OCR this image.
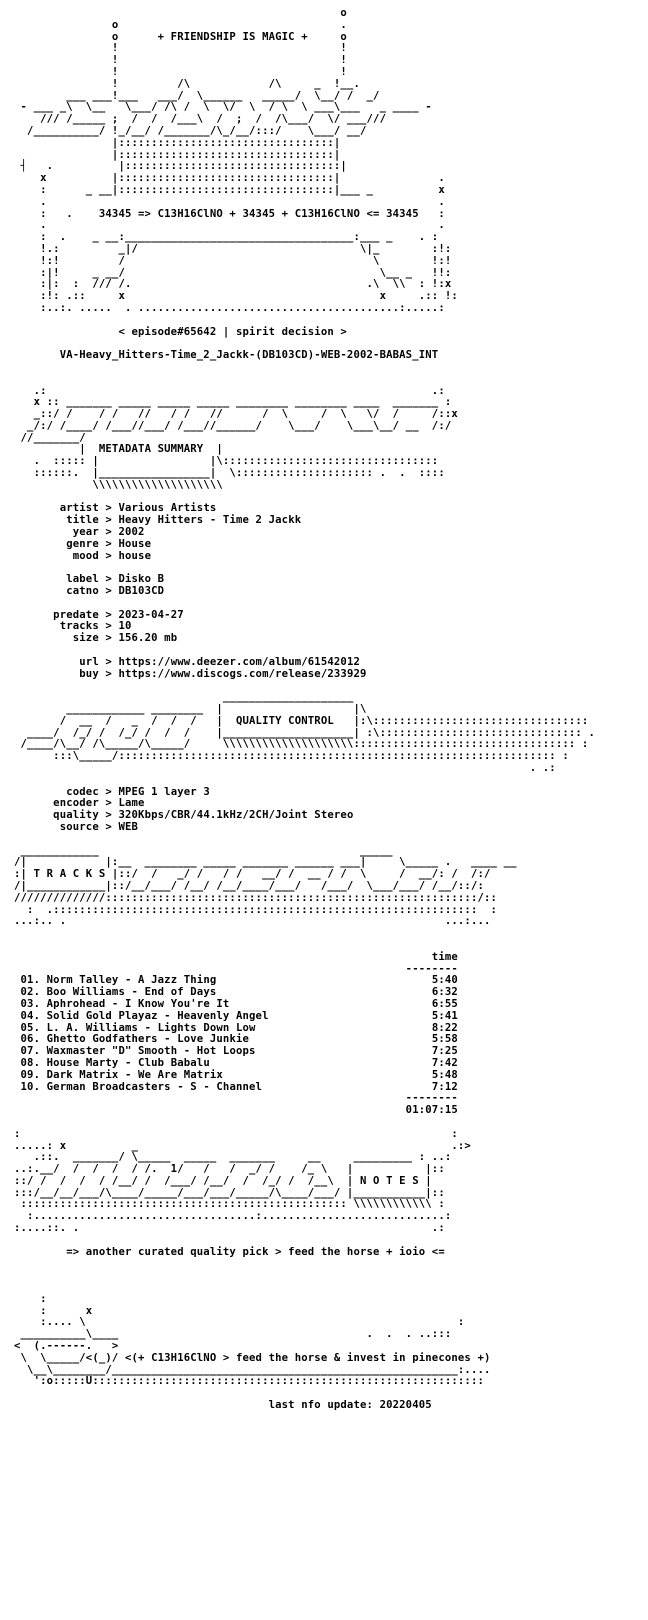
o
o                                  .
o      + FRIENDSHIP IS MAGIC +     o
!                                  !
!                                  !
!                                  !
!         /\            /\     _  !__.
___ ___!___   ___/  \______   _____/  \__/ /  _/
- ___ _\  \__   \___/ /\ /  \  \/  \  / \  \ ___\___   _ ____ -
/// /_____ ;  /  /  /___\  /  ;  /  /\___/  \/ ___///
/__________/ !_/__/ /_______/\_/__/:::/    \___/ __/
|:::::::::::::::::::::::::::::::::|
|:::::::::::::::::::::::::::::::::|
┤   .          |:::::::::::::::::::::::::::::::::|
x          |:::::::::::::::::::::::::::::::::|               .
:      _ __|:::::::::::::::::::::::::::::::::|___ _          x
.                                                            .
:   .    34345 => C13H16ClNO + 34345 + C13H16ClNO <= 34345   :
.                                                            .
:  .    _ __:___________________________________:___ _    . :
!.:         _|/                                  \|_        :!:
!:!         /                                      \        !:!
:|!     _ __/                                       \__ _   !!:
:|:  :  /// /.                                    .\  \\  : !:x
:!: .::     x                                       x     .:: !:
:..:. .....  . ........................................:.....:

< episode#65642 | spirit decision >

VA-Heavy_Hitters-Time_2_Jackk-(DB103CD)-WEB-2002-BABAS_INT

.:                                                           .:
x :: _______ _____ _____ _____ ________ ________ ____  _______ :
_::/ /    / /   //   / /   //      /  \     /  \   \/  /     /::x
_/:/ /____/ /___//___/ /___//______/    \___/    \___\__/ __  /:/
//_______/
|  METADATA SUMMARY  |

.  ::::: |                 |\:::::::::::::::::::::::::::::::::
::::::.  |_________________|  \::::::::::::::::::::: .  .  ::::
\\\\\\\\\\\\\\\\\\\\

artist > Various Artists
title > Heavy Hitters - Time 2 Jackk
year > 2002
genre > House
mood > house

label > Disko B
catno > DB103CD

predate > 2023-04-27
tracks > 10
size > 156.20 mb

url > https://www.deezer.com/album/61542012
buy > https://www.discogs.com/release/233929

____________________
____________ ________  |                    |\
/  __  /   _  /  /  /   |  QUALITY CONTROL   |:\:::::::::::::::::::::::::::::::::
____/  /_/ /  /_/ /  /  /    |____________________| :\::::::::::::::::::::::::::::::: .
/____/\__/ /\_____/\_____/     \\\\\\\\\\\\\\\\\\\\:::::::::::::::::::::::::::::::::: :
:::\_____/::::::::::::::::::::::::::::::::::::::::::::::::::::::::::::::::::: :
. .:

codec > MPEG 1 layer 3
encoder > Lame
quality > 320Kbps/CBR/44.1kHz/2CH/Joint Stereo
source > WEB

____________                                        _____
/|            |:__  ________ _____ _______ ______ ___|     \_____ .   ____ __
:| T R A C K S |::/  /   _/ /   / /   __/ /  __ / /  \     /  __/: /  /:/
/|____________|::/__/___/ /__/ /__/____/___/   /___/  \___/___/ /__/::/:
//////////////:::::::::::::::::::::::::::::::::::::::::::::::::::::::::/::
:  .:::::::::::::::::::::::::::::::::::::::::::::::::::::::::::::::::  :
...:.. .                                                          ...:...

time
--------
01. Norm Talley - A Jazz Thing	5:40
02. Boo Williams - End of Days	6:32
03. Aphrohead - I Know You're It	6:55
04. Solid Gold Playaz - Heavenly Angel	5:41
05. L. A. Williams - Lights Down Low	8:22
06. Ghetto Godfathers - Love Junkie	5:58
07. Waxmaster "D" Smooth - Hot Loops	7:25
08. House Marty - Club Babalu	7:42
09. Dark Matrix - We Are Matrix	5:48
10. German Broadcasters - S - Channel	7:12
--------
01:07:15

:                                                                  :
.....: x          _                                                .:>
.::.  _______/ \_____  _____  _______     __     _________ : ..:
..:.__/  /  /  /  / /.  1/   /   /  _/ /    /_ \   |           |::
::/ /  /  /  / /__/ /  /___/ /__/  /  /_/ /  /__\  | N O T E S |
:::/__/__/___/\____/_____/___/___/_____/\____/___/ |___________|::
:::::::::::::::::::::::::::::::::::::::::::::::::: \\\\\\\\\\\\ :
:..................................:............................:
:....::. .                                                      .:

=> another curated quality pick > feed the horse + ioio <=

:
:      x
:.... \                                                         :
__________\____                                      .  .  . ..:::
<  (.------.   >
\  \_____/<(_)/ <(+ C13H16ClNO > feed the horse & invest in pinecones +)
\__\________/_____________________________________________________:....
':o:::::U::::::::::::::::::::::::::::::::::::::::::::::::::::::::::::

last nfo update: 20220405
